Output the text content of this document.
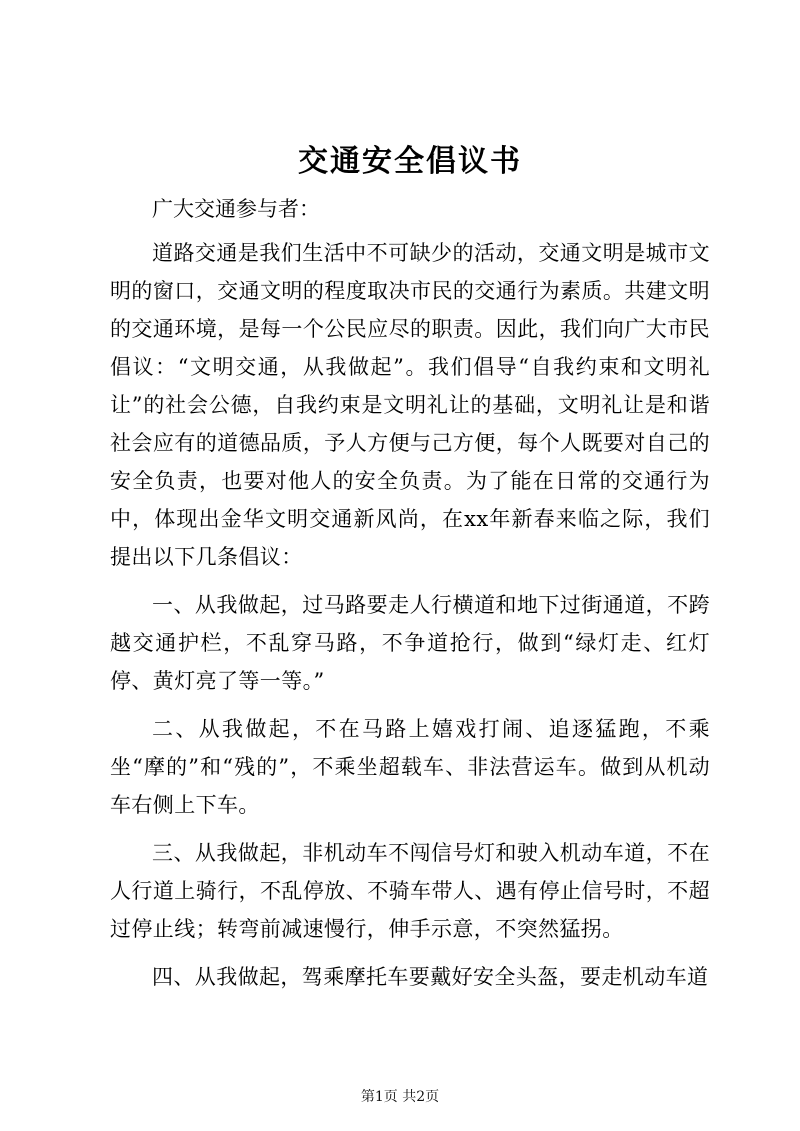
交通安全倡议书

广大交通参与者：

道路交通是我们生活中不可缺少的活动，交通文明是城市文明的窗口，交通文明的程度取决市民的交通行为素质。共建文明的交通环境，是每一个公民应尽的职责。因此，我们向广大市民倡议：“文明交通，从我做起”。我们倡导“自我约束和文明礼让”的社会公德，自我约束是文明礼让的基础，文明礼让是和谐社会应有的道德品质，予人方便与己方便，每个人既要对自己的安全负责，也要对他人的安全负责。为了能在日常的交通行为中，体现出金华文明交通新风尚，在xx年新春来临之际，我们提出以下几条倡议：

一、从我做起，过马路要走人行横道和地下过街通道，不跨越交通护栏，不乱穿马路，不争道抢行，做到“绿灯走、红灯停、黄灯亮了等一等。”

二、从我做起，不在马路上嬉戏打闹、追逐猛跑，不乘坐“摩的”和“残的”，不乘坐超载车、非法营运车。做到从机动车右侧上下车。

三、从我做起，非机动车不闯信号灯和驶入机动车道，不在人行道上骑行，不乱停放、不骑车带人、遇有停止信号时，不超过停止线；转弯前减速慢行，伸手示意，不突然猛拐。

四、从我做起，驾乘摩托车要戴好安全头盔，要走机动车道

第1页 共2页
